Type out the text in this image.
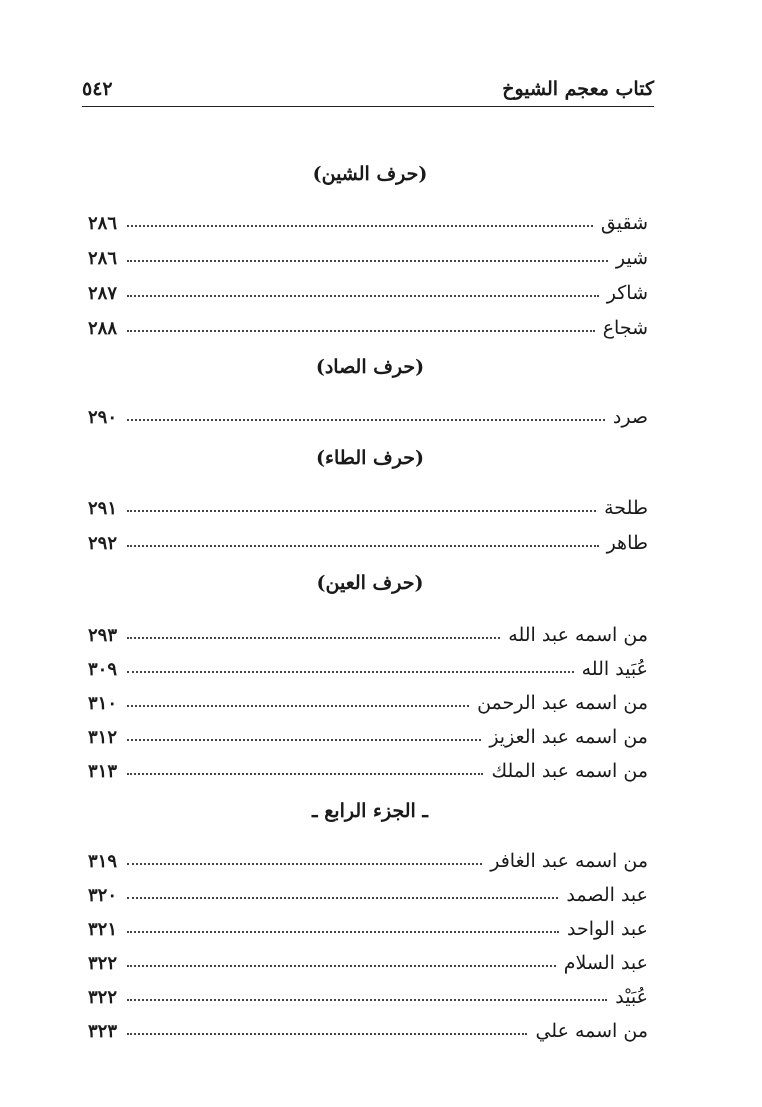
كتاب معجم الشيوخ
٥٤٢
(حرف الشين)
شقيق
٢٨٦
شير
٢٨٦
شاكر
٢٨٧
شجاع
٢٨٨
(حرف الصاد)
صرد
٢٩٠
(حرف الطاء)
طلحة
٢٩١
طاهر
٢٩٢
(حرف العين)
من اسمه عبد الله
٢٩٣
عُبَيد الله
٣٠٩
من اسمه عبد الرحمن
٣١٠
من اسمه عبد العزيز
٣١٢
من اسمه عبد الملك
٣١٣
ـ الجزء الرابع ـ
من اسمه عبد الغافر
٣١٩
عبد الصمد
٣٢٠
عبد الواحد
٣٢١
عبد السلام
٣٢٢
عُبَيْد
٣٢٢
من اسمه علي
٣٢٣
